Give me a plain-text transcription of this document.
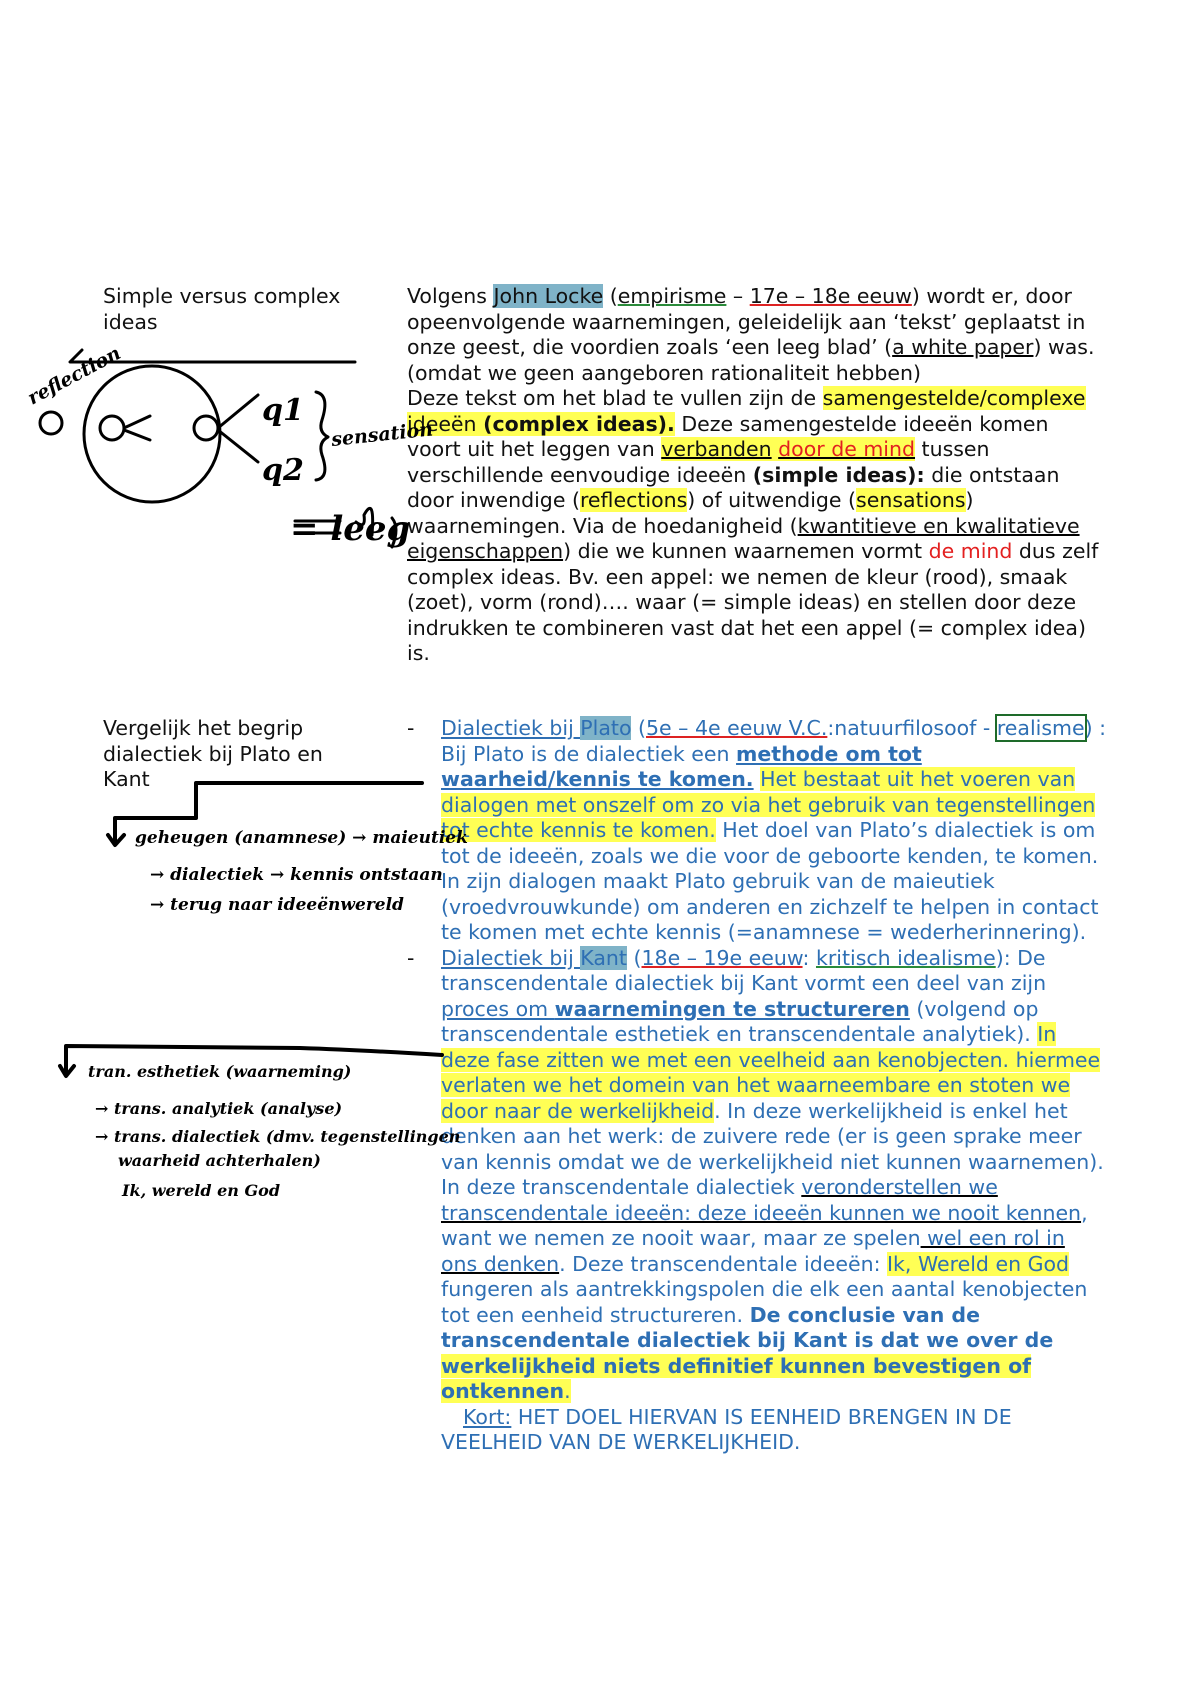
Simple versus complex ideas
Volgens John Locke (empirisme – 17e – 18e eeuw) wordt er, door opeenvolgende waarnemingen, geleidelijk aan ‘tekst’ geplaatst in onze geest, die voordien zoals ‘een leeg blad’ (a white paper) was. (omdat we geen aangeboren rationaliteit hebben)
Deze tekst om het blad te vullen zijn de samengestelde/complexe ideeën (complex ideas). Deze samengestelde ideeën komen voort uit het leggen van verbanden door de mind tussen verschillende eenvoudige ideeën (simple ideas): die ontstaan door inwendige (reflections) of uitwendige (sensations) waarnemingen. Via de hoedanigheid (kwantitieve en kwalitatieve eigenschappen) die we kunnen waarnemen vormt de mind dus zelf complex ideas. Bv. een appel: we nemen de kleur (rood), smaak (zoet), vorm (rond)…. waar (= simple ideas) en stellen door deze indrukken te combineren vast dat het een appel (= complex idea) is.
Vergelijk het begrip dialectiek bij Plato en Kant
- Dialectiek bij Plato (5e – 4e eeuw V.C.:natuurfilosoof - realisme) : Bij Plato is de dialectiek een methode om tot waarheid/kennis te komen. Het bestaat uit het voeren van dialogen met onszelf om zo via het gebruik van tegenstellingen tot echte kennis te komen. Het doel van Plato’s dialectiek is om tot de ideeën, zoals we die voor de geboorte kenden, te komen. In zijn dialogen maakt Plato gebruik van de maieutiek (vroedvrouwkunde) om anderen en zichzelf te helpen in contact te komen met echte kennis (=anamnese = wederherinnering).
- Dialectiek bij Kant (18e – 19e eeuw: kritisch idealisme): De transcendentale dialectiek bij Kant vormt een deel van zijn proces om waarnemingen te structureren (volgend op transcendentale esthetiek en transcendentale analytiek). In deze fase zitten we met een veelheid aan kenobjecten. hiermee verlaten we het domein van het waarneembare en stoten we door naar de werkelijkheid. In deze werkelijkheid is enkel het denken aan het werk: de zuivere rede (er is geen sprake meer van kennis omdat we de werkelijkheid niet kunnen waarnemen). In deze transcendentale dialectiek veronderstellen we transcendentale ideeën: deze ideeën kunnen we nooit kennen, want we nemen ze nooit waar, maar ze spelen wel een rol in ons denken. Deze transcendentale ideeën: Ik, Wereld en God fungeren als aantrekkingspolen die elk een aantal kenobjecten tot een eenheid structureren. De conclusie van de transcendentale dialectiek bij Kant is dat we over de werkelijkheid niets definitief kunnen bevestigen of ontkennen.
Kort: HET DOEL HIERVAN IS EENHEID BRENGEN IN DE VEELHEID VAN DE WERKELIJKHEID.
reflection
q1
q2
sensation
= leeg
geheugen (anamnese) → maieutiek
→ dialectiek → kennis ontstaan
→ terug naar ideeënwereld
tran. esthetiek (waarneming)
→ trans. analytiek (analyse)
→ trans. dialectiek (dmv. tegenstellingen
waarheid achterhalen)
Ik, wereld en God
